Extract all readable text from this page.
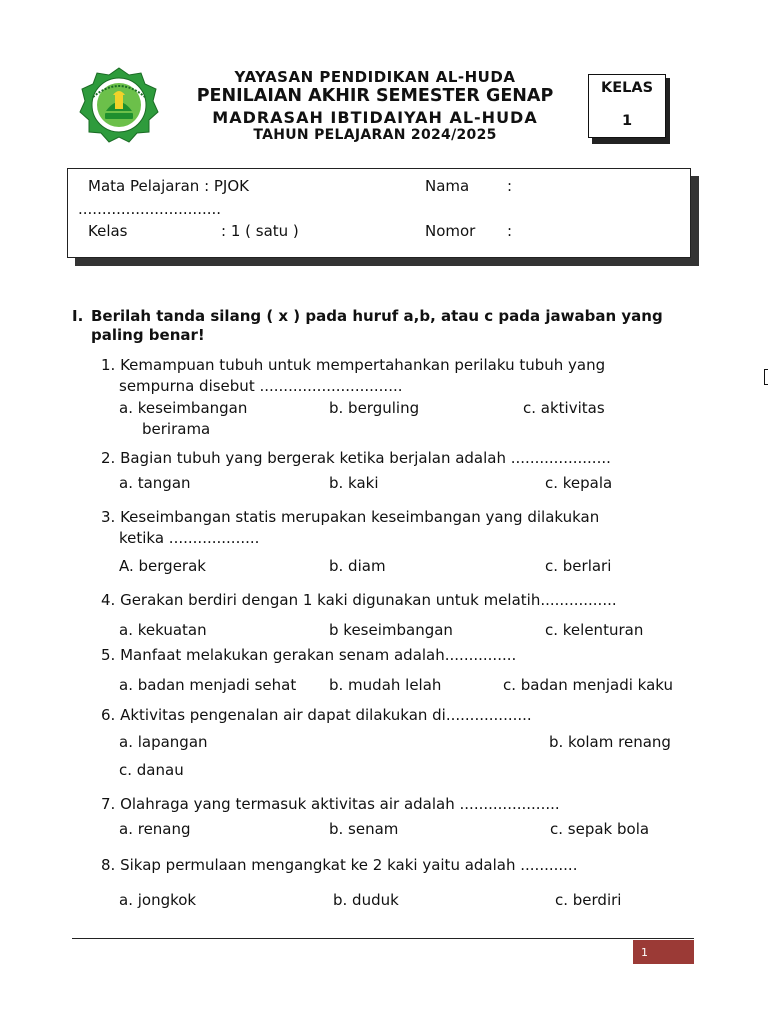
YAYASAN PENDIDIKAN AL-HUDA
PENILAIAN AKHIR SEMESTER GENAP
MADRASAH IBTIDAIYAH AL-HUDA
TAHUN PELAJARAN 2024/2025
KELAS
1
Mata Pelajaran : PJOK	Nama	:
..............................
Kelas	: 1 ( satu )	Nomor :
I. Berilah tanda silang ( x ) pada huruf a,b, atau c pada jawaban yang paling benar!
1. Kemampuan tubuh untuk mempertahankan perilaku tubuh yang
sempurna disebut ..............................
a. keseimbangan	b. berguling	c. aktivitas
berirama
2. Bagian tubuh yang bergerak ketika berjalan adalah .....................
a. tangan	b. kaki	c. kepala
3. Keseimbangan statis merupakan keseimbangan yang dilakukan
ketika ...................
A. bergerak	b. diam	c. berlari
4. Gerakan berdiri dengan 1 kaki digunakan untuk melatih................
a. kekuatan	b keseimbangan	c. kelenturan
5. Manfaat melakukan gerakan senam adalah...............
a. badan menjadi sehat b. mudah lelah	c. badan menjadi kaku
6. Aktivitas pengenalan air dapat dilakukan di..................
a. lapangan	b. kolam renang
c. danau
7. Olahraga yang termasuk aktivitas air adalah .....................
a. renang	b. senam	c. sepak bola
8. Sikap permulaan mengangkat ke 2 kaki yaitu adalah ............
a. jongkok	b. duduk	c. berdiri
1
